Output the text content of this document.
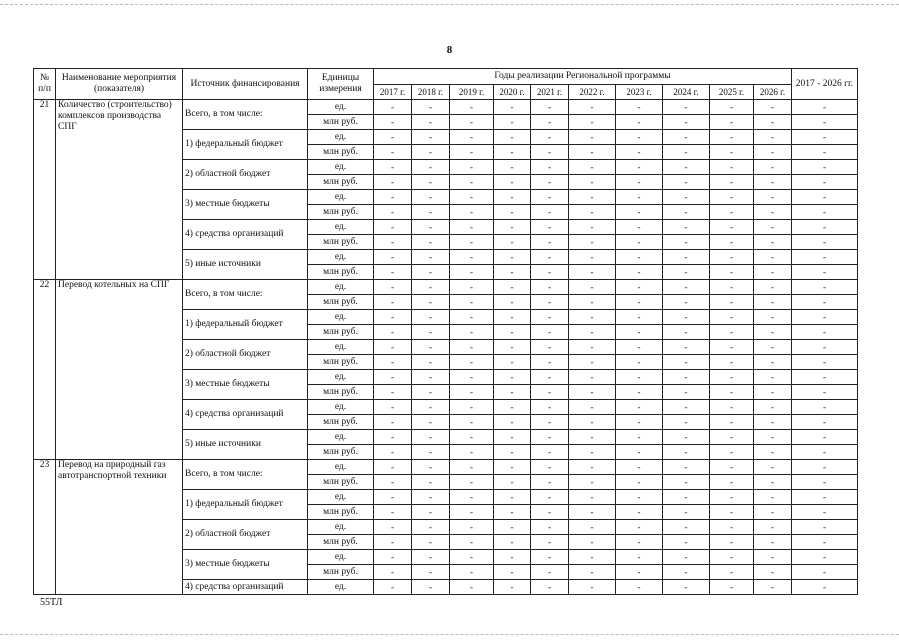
8
№ п/п	Наименование мероприятия (показателя)	Источник финансирования	Единицы измерения	Годы реализации Региональной программы										2017 - 2026 гг.
				2017 г.	2018 г.	2019 г.	2020 г.	2021 г.	2022 г.	2023 г.	2024 г.	2025 г.	2026 г.	
21	Количество (строительство) комплексов производства СПГ	Всего, в том числе:	ед.	-	-	-	-	-	-	-	-	-	-	-
			млн руб.	-	-	-	-	-	-	-	-	-	-	-
		1) федеральный бюджет	ед.	-	-	-	-	-	-	-	-	-	-	-
			млн руб.	-	-	-	-	-	-	-	-	-	-	-
		2) областной бюджет	ед.	-	-	-	-	-	-	-	-	-	-	-
			млн руб.	-	-	-	-	-	-	-	-	-	-	-
		3) местные бюджеты	ед.	-	-	-	-	-	-	-	-	-	-	-
			млн руб.	-	-	-	-	-	-	-	-	-	-	-
		4) средства организаций	ед.	-	-	-	-	-	-	-	-	-	-	-
			млн руб.	-	-	-	-	-	-	-	-	-	-	-
		5) иные источники	ед.	-	-	-	-	-	-	-	-	-	-	-
			млн руб.	-	-	-	-	-	-	-	-	-	-	-
22	Перевод котельных на СПГ	Всего, в том числе:	ед.	-	-	-	-	-	-	-	-	-	-	-
			млн руб.	-	-	-	-	-	-	-	-	-	-	-
		1) федеральный бюджет	ед.	-	-	-	-	-	-	-	-	-	-	-
			млн руб.	-	-	-	-	-	-	-	-	-	-	-
		2) областной бюджет	ед.	-	-	-	-	-	-	-	-	-	-	-
			млн руб.	-	-	-	-	-	-	-	-	-	-	-
		3) местные бюджеты	ед.	-	-	-	-	-	-	-	-	-	-	-
			млн руб.	-	-	-	-	-	-	-	-	-	-	-
		4) средства организаций	ед.	-	-	-	-	-	-	-	-	-	-	-
			млн руб.	-	-	-	-	-	-	-	-	-	-	-
		5) иные источники	ед.	-	-	-	-	-	-	-	-	-	-	-
			млн руб.	-	-	-	-	-	-	-	-	-	-	-
23	Перевод на природный газ автотранспортной техники	Всего, в том числе:	ед.	-	-	-	-	-	-	-	-	-	-	-
			млн руб.	-	-	-	-	-	-	-	-	-	-	-
		1) федеральный бюджет	ед.	-	-	-	-	-	-	-	-	-	-	-
			млн руб.	-	-	-	-	-	-	-	-	-	-	-
		2) областной бюджет	ед.	-	-	-	-	-	-	-	-	-	-	-
			млн руб.	-	-	-	-	-	-	-	-	-	-	-
		3) местные бюджеты	ед.	-	-	-	-	-	-	-	-	-	-	-
			млн руб.	-	-	-	-	-	-	-	-	-	-	-
		4) средства организаций	ед.	-	-	-	-	-	-	-	-	-	-	-
55ТЛ
